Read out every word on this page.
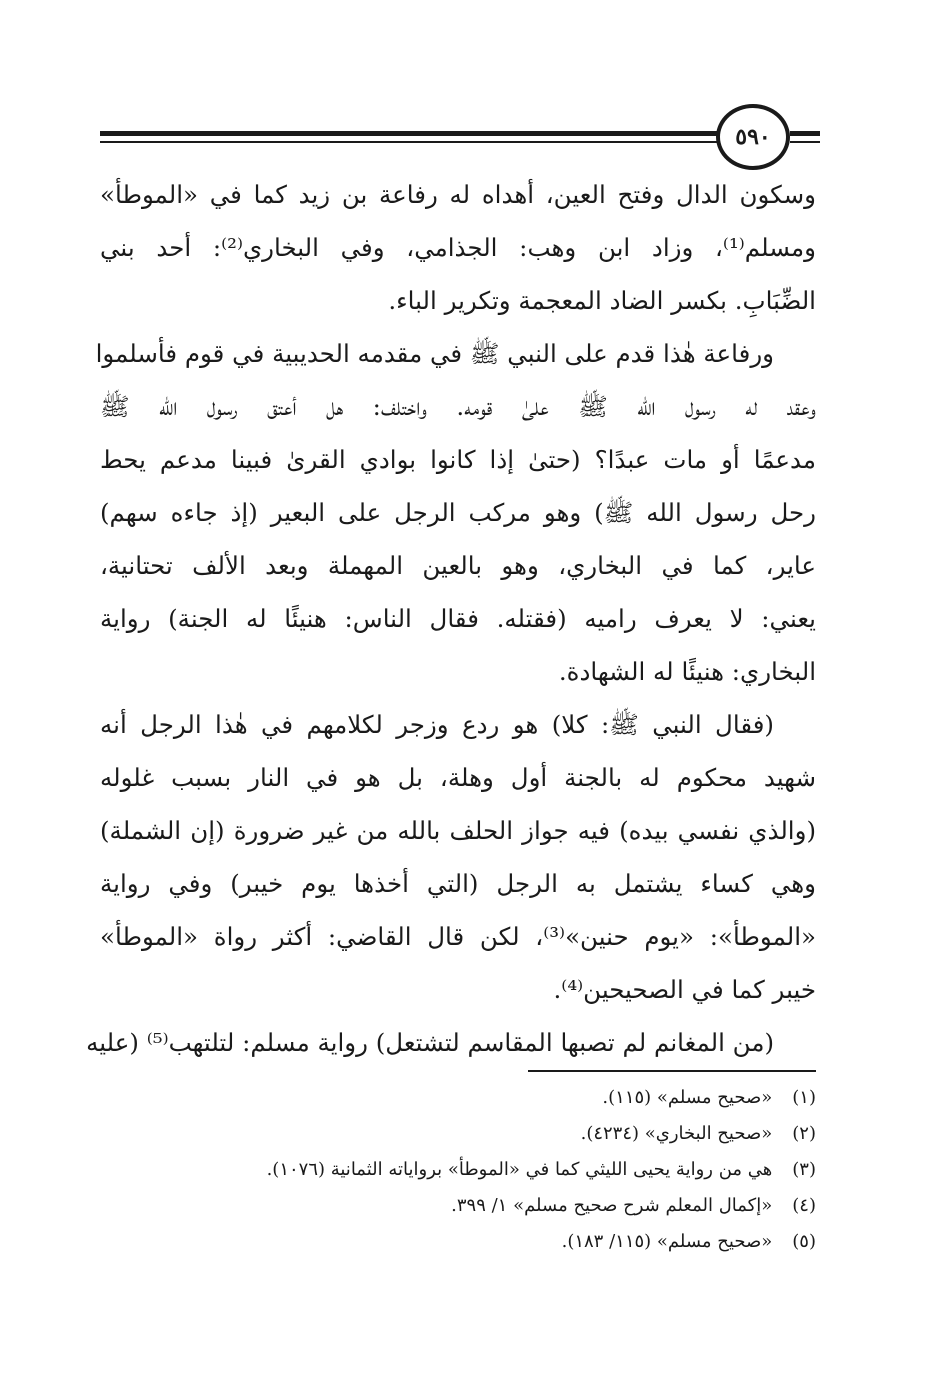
٥٩٠
وسكون الدال وفتح العين، أهداه له رفاعة بن زيد كما في «الموطأ»
ومسلم⁽¹⁾، وزاد ابن وهب: الجذامي، وفي البخاري⁽²⁾: أحد بني
الضِّبَابِ. بكسر الضاد المعجمة وتكرير الباء.
ورفاعة هٰذا قدم على النبي ﷺ في مقدمه الحديبية في قوم فأسلموا
وعقد له رسول الله ﷺ علىٰ قومه. واختلف: هل أعتق رسول الله ﷺ
مدعمًا أو مات عبدًا؟ (حتىٰ إذا كانوا بوادي القرىٰ فبينا مدعم يحط
رحل رسول الله ﷺ) وهو مركب الرجل على البعير (إذ جاءه سهم)
عاير، كما في البخاري، وهو بالعين المهملة وبعد الألف تحتانية،
يعني: لا يعرف راميه (فقتله. فقال الناس: هنيئًا له الجنة) رواية
البخاري: هنيئًا له الشهادة.
(فقال النبي ﷺ: كلا) هو ردع وزجر لكلامهم في هٰذا الرجل أنه
شهيد محكوم له بالجنة أول وهلة، بل هو في النار بسبب غلوله
(والذي نفسي بيده) فيه جواز الحلف بالله من غير ضرورة (إن الشملة)
وهي كساء يشتمل به الرجل (التي أخذها يوم خيبر) وفي رواية
«الموطأ»: «يوم حنين»⁽³⁾، لكن قال القاضي: أكثر رواة «الموطأ»
خيبر كما في الصحيحين⁽⁴⁾.
(من المغانم لم تصبها المقاسم لتشتعل) رواية مسلم: لتلتهب⁽⁵⁾ (عليه
(١) «صحيح مسلم» (١١٥).
(٢) «صحيح البخاري» (٤٢٣٤).
(٣) هي من رواية يحيى الليثي كما في «الموطأ» برواياته الثمانية (١٠٧٦).
(٤) «إكمال المعلم شرح صحيح مسلم» ١/ ٣٩٩.
(٥) «صحيح مسلم» (١١٥/ ١٨٣).
